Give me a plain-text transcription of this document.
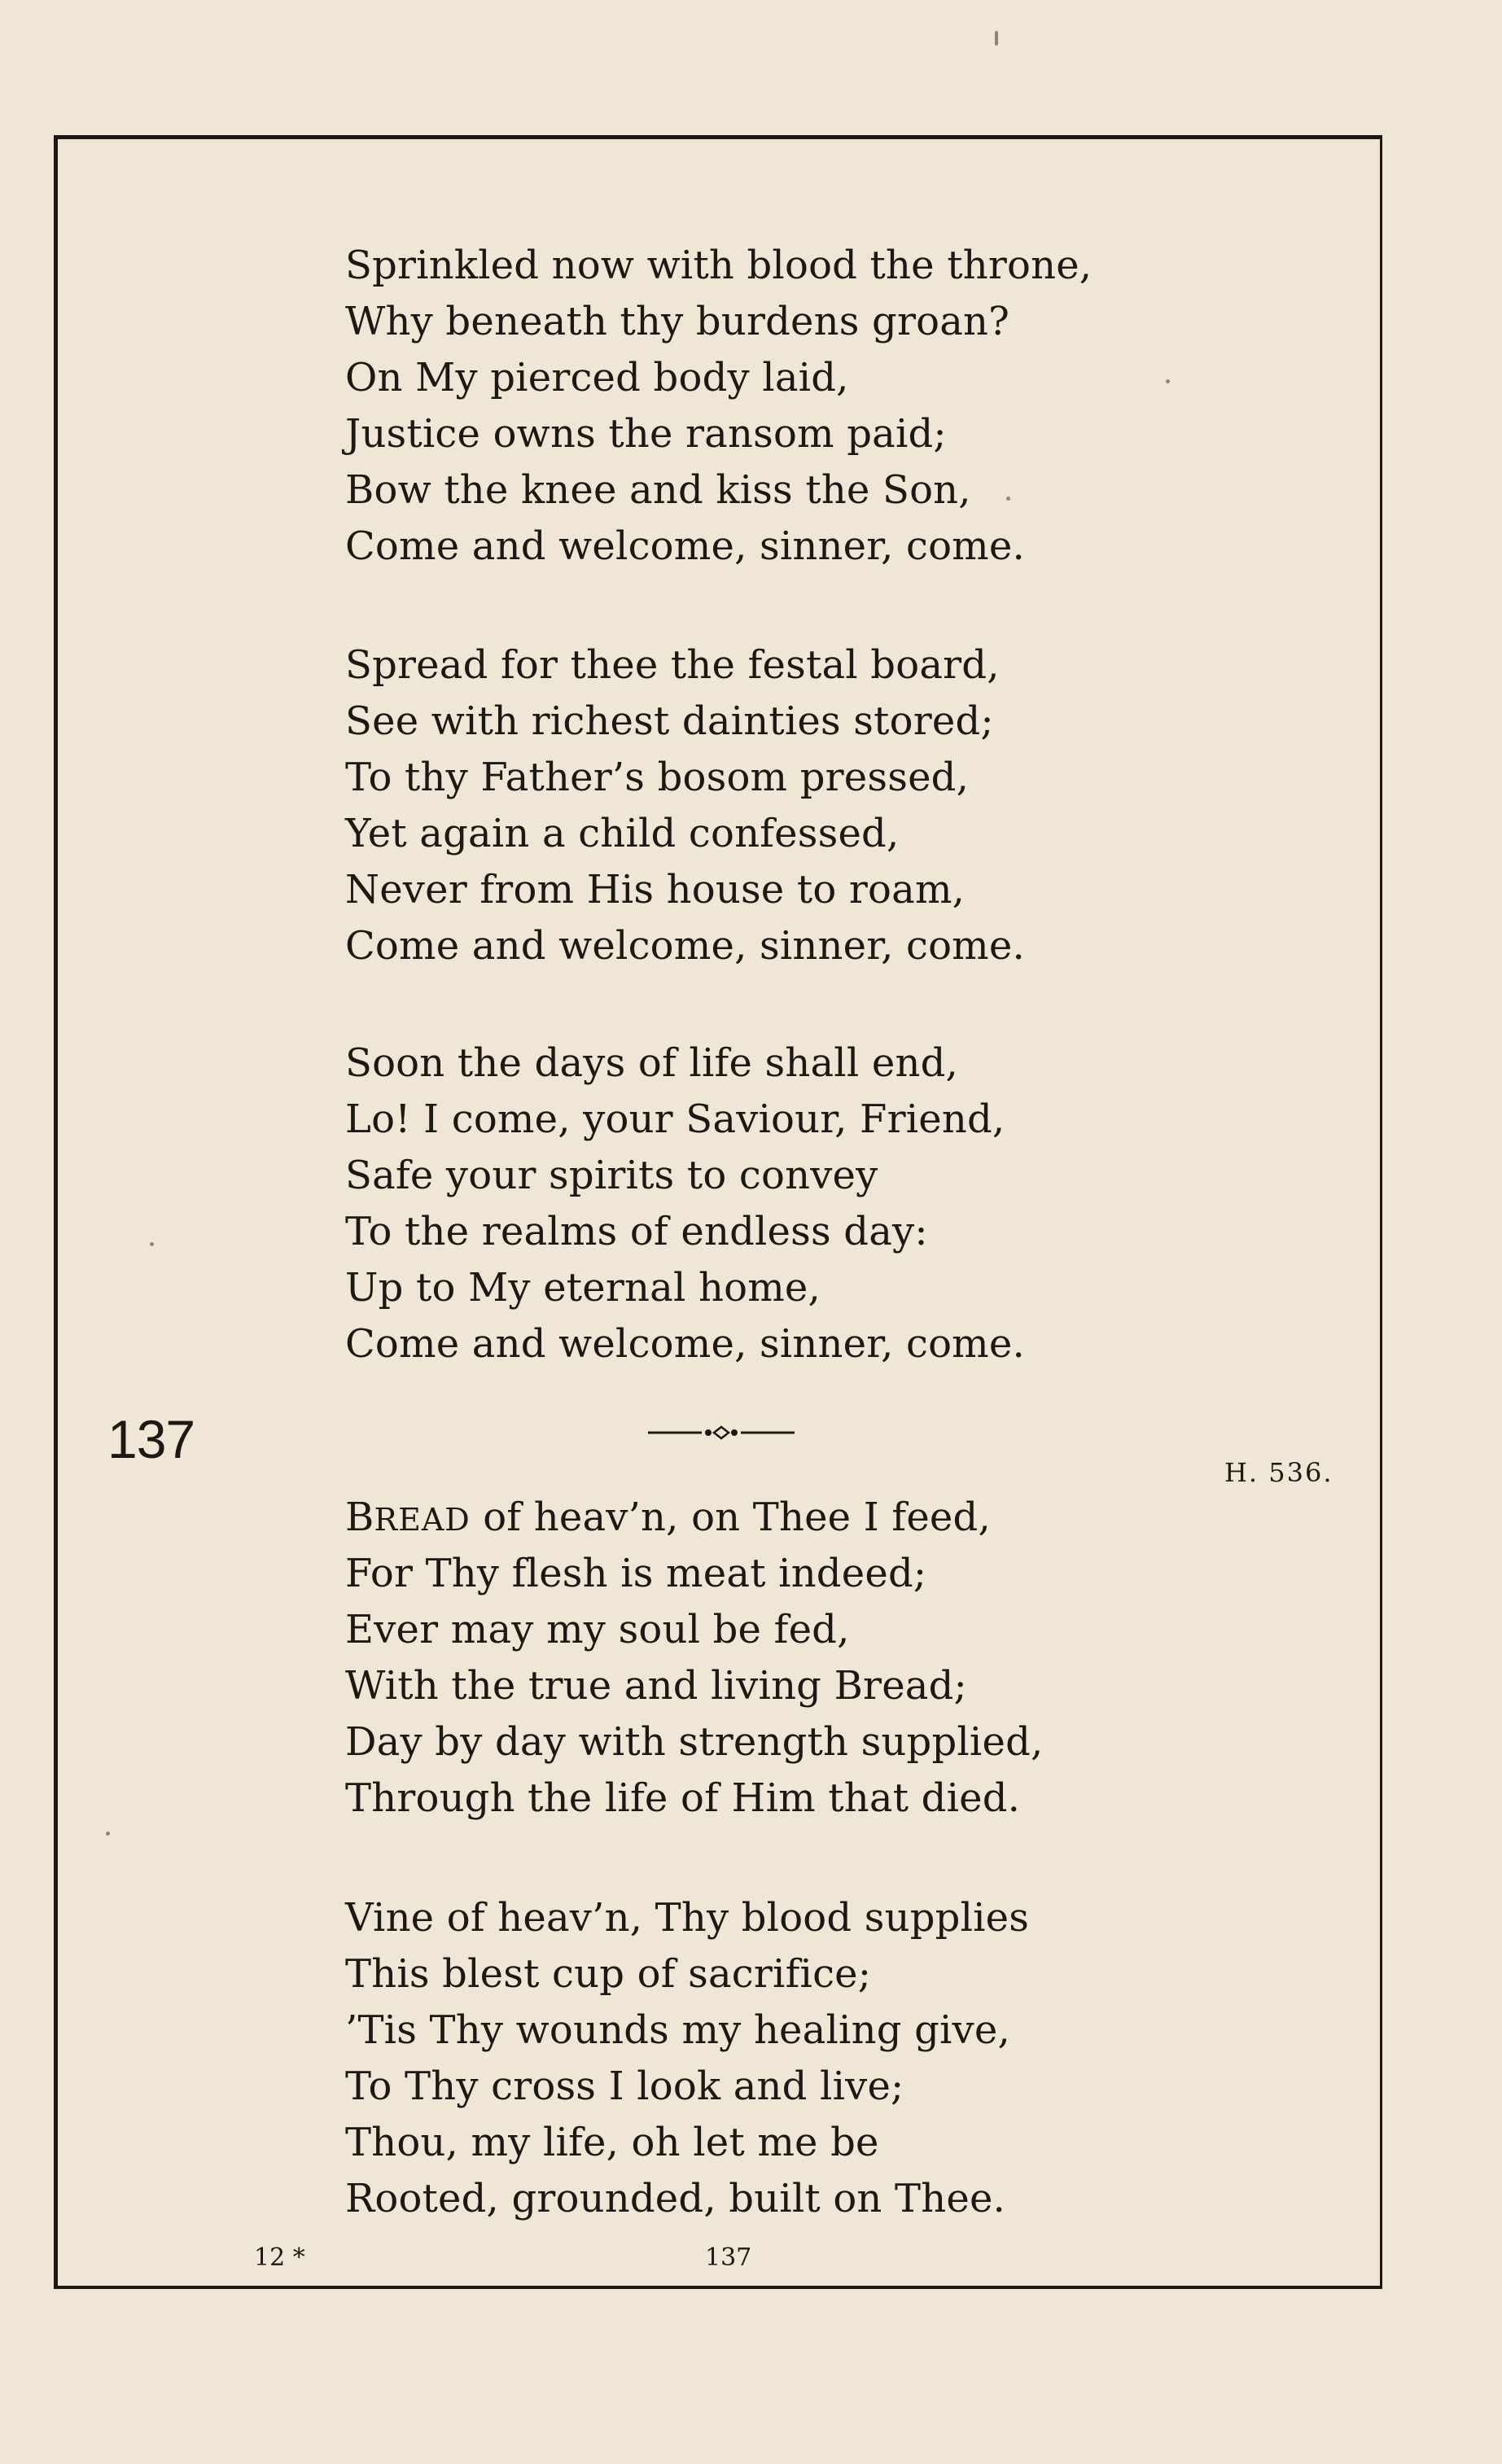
Sprinkled now with blood the throne,
Why beneath thy burdens groan?
On My pierced body laid,
Justice owns the ransom paid;
Bow the knee and kiss the Son,
Come and welcome, sinner, come.
Spread for thee the festal board,
See with richest dainties stored;
To thy Father’s bosom pressed,
Yet again a child confessed,
Never from His house to roam,
Come and welcome, sinner, come.
Soon the days of life shall end,
Lo! I come, your Saviour, Friend,
Safe your spirits to convey
To the realms of endless day:
Up to My eternal home,
Come and welcome, sinner, come.
137
H. 536.
BREAD of heav’n, on Thee I feed,
For Thy flesh is meat indeed;
Ever may my soul be fed,
With the true and living Bread;
Day by day with strength supplied,
Through the life of Him that died.
Vine of heav’n, Thy blood supplies
This blest cup of sacrifice;
’Tis Thy wounds my healing give,
To Thy cross I look and live;
Thou, my life, oh let me be
Rooted, grounded, built on Thee.
12 *	137
